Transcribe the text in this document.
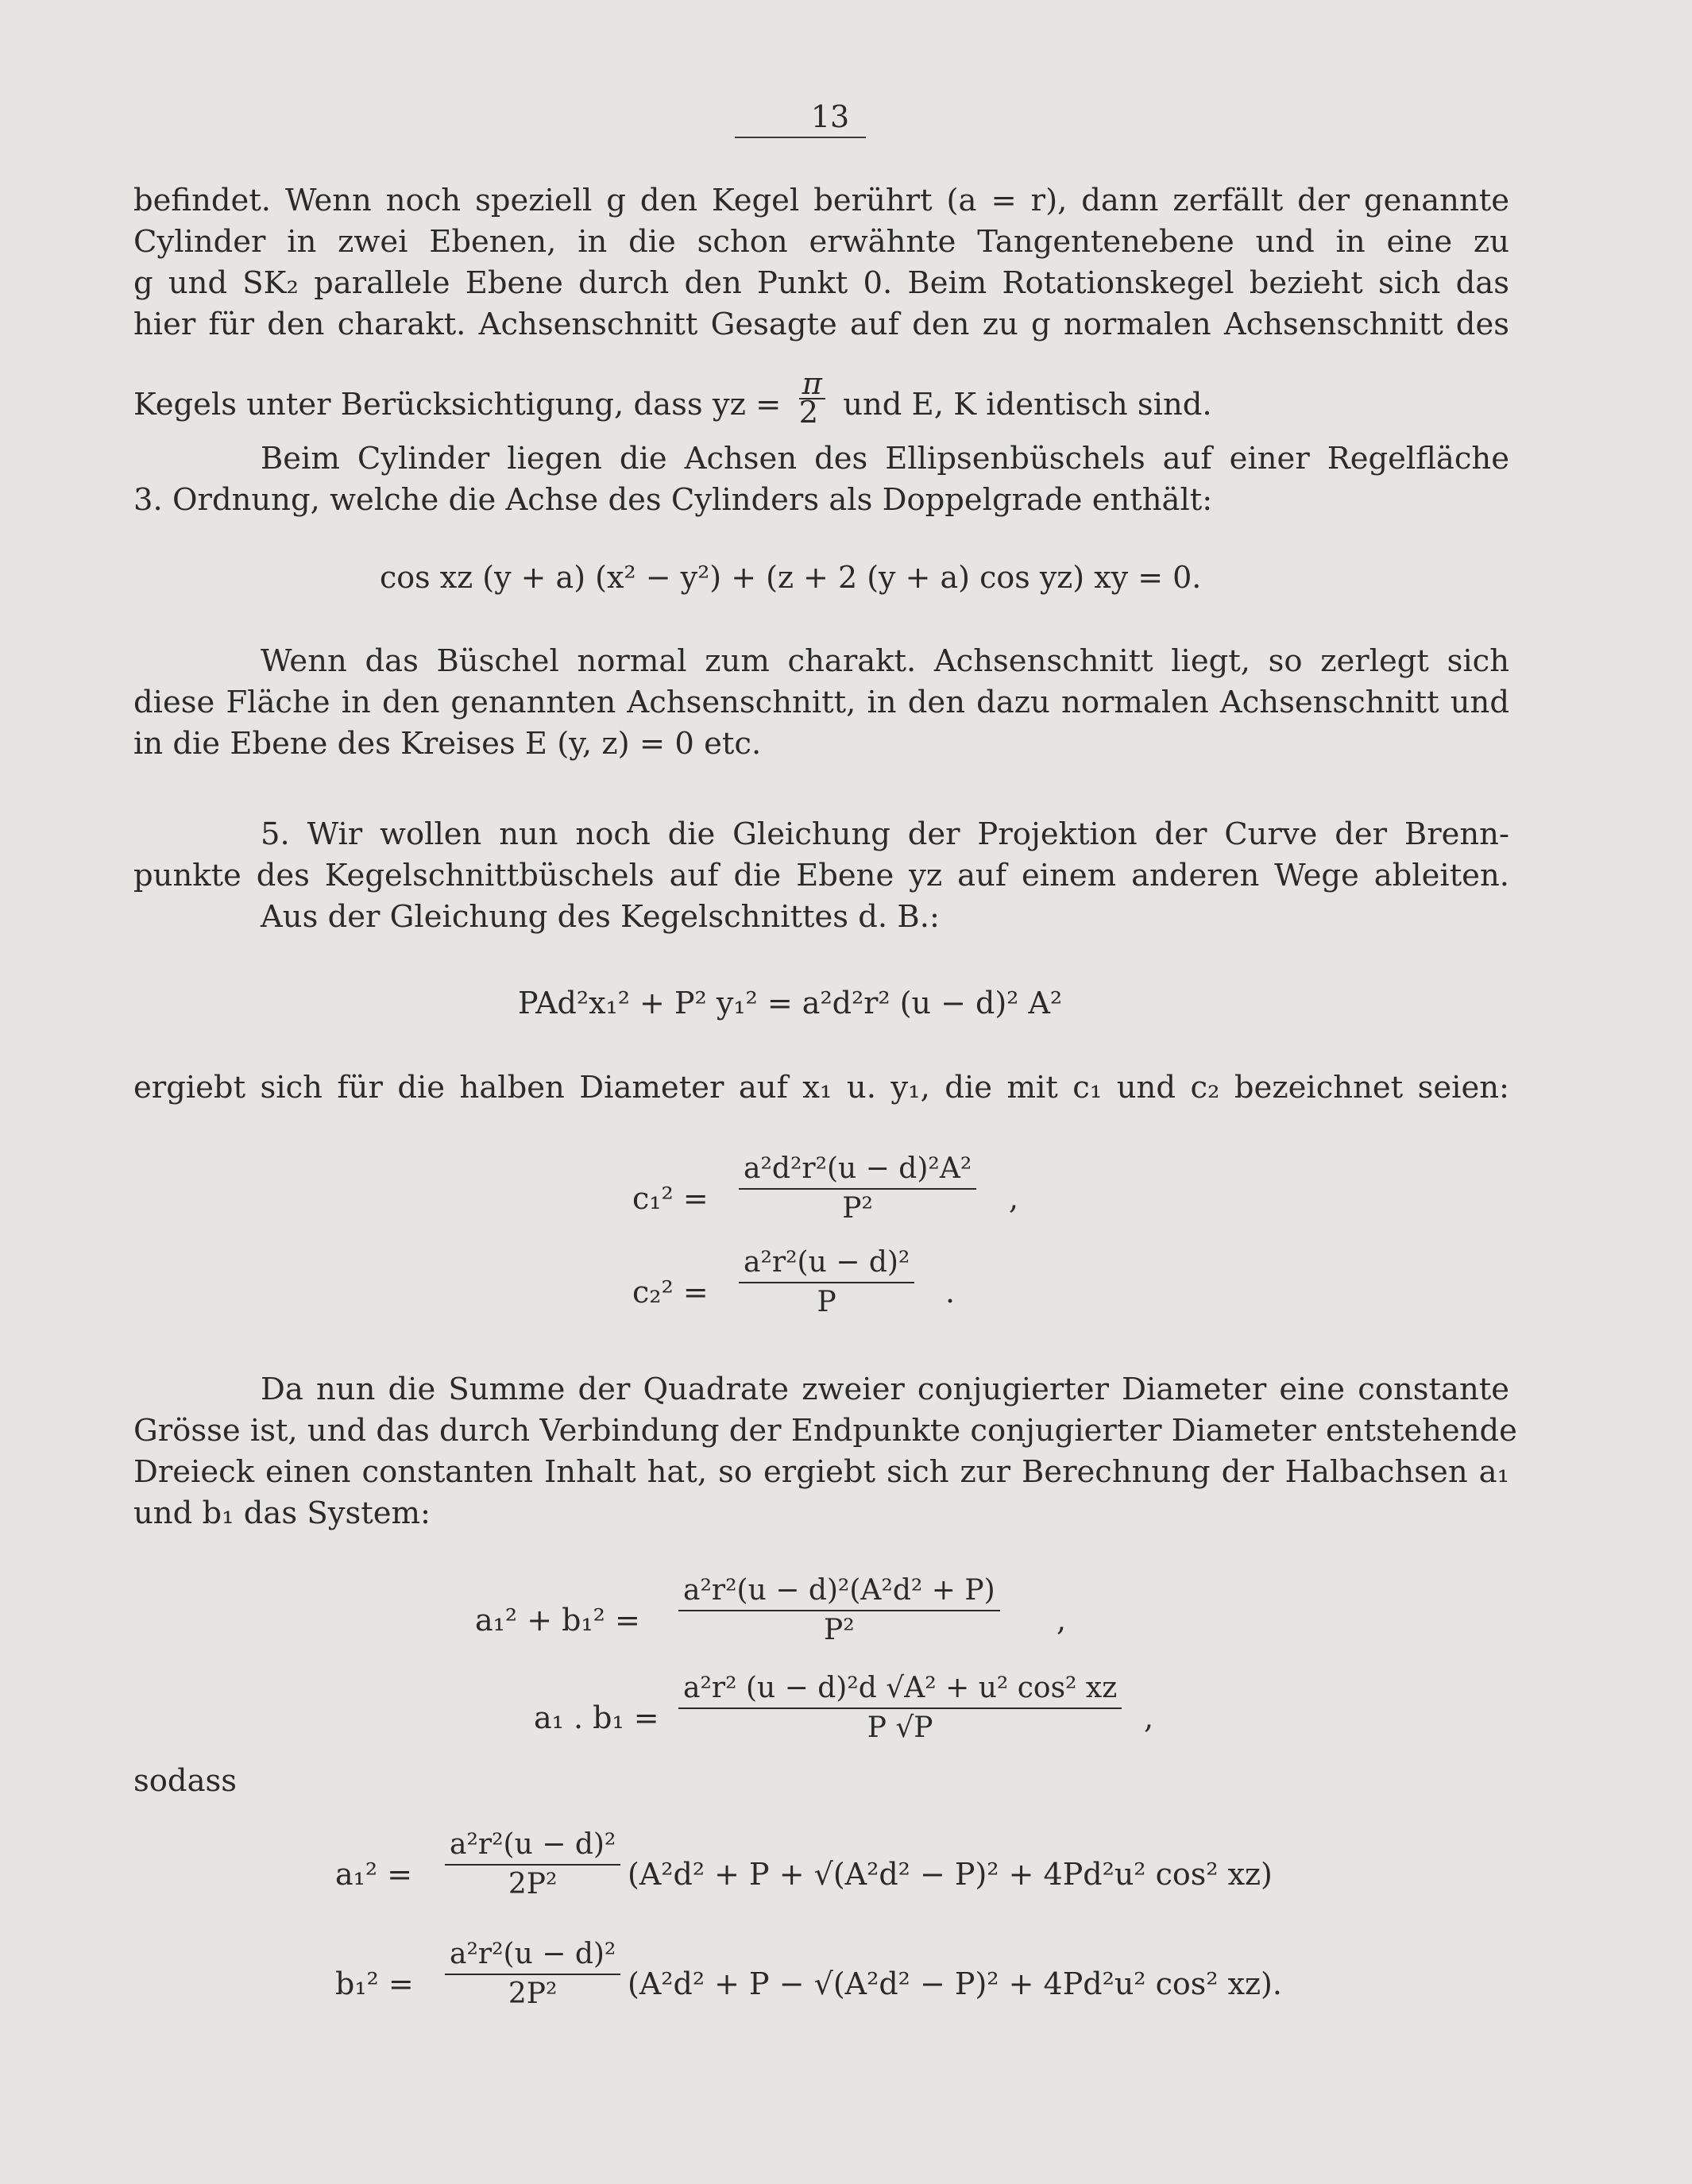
13
befindet. Wenn noch speziell g den Kegel berührt (a = r), dann zerfällt der genannte
Cylinder in zwei Ebenen, in die schon erwähnte Tangentenebene und in eine zu
g und SK₂ parallele Ebene durch den Punkt 0. Beim Rotationskegel bezieht sich das
hier für den charakt. Achsenschnitt Gesagte auf den zu g normalen Achsenschnitt des
Kegels unter Berücksichtigung, dass yz = $\frac{\pi}{2}$ und E, K identisch sind.
Beim Cylinder liegen die Achsen des Ellipsenbüschels auf einer Regelfläche
3. Ordnung, welche die Achse des Cylinders als Doppelgrade enthält:
cos xz (y + a) (x² − y²) + (z + 2 (y + a) cos yz) xy = 0.
Wenn das Büschel normal zum charakt. Achsenschnitt liegt, so zerlegt sich
diese Fläche in den genannten Achsenschnitt, in den dazu normalen Achsenschnitt und
in die Ebene des Kreises E (y, z) = 0 etc.
5. Wir wollen nun noch die Gleichung der Projektion der Curve der Brenn-
punkte des Kegelschnittbüschels auf die Ebene yz auf einem anderen Wege ableiten.
Aus der Gleichung des Kegelschnittes d. B.:
PAd²x₁² + P² y₁² = a²d²r² (u − d)² A²
ergiebt sich für die halben Diameter auf x₁ u. y₁, die mit c₁ und c₂ bezeichnet seien:
$c_1^2 = \frac{\text{a²d²r²(u − d)²A²}}{\text{P²}}$ ,
$c_2^2 = \frac{\text{a²r²(u − d)²}}{P}$ .
Da nun die Summe der Quadrate zweier conjugierter Diameter eine constante
Grösse ist, und das durch Verbindung der Endpunkte conjugierter Diameter entstehende
Dreieck einen constanten Inhalt hat, so ergiebt sich zur Berechnung der Halbachsen a₁
und b₁ das System:
$a_1^2 + b_1^2 = \frac{\text{a²r²(u − d)²(A²d² + P)}}{\text{P²}}$ ,
a₁ . $b_1 = \frac{\text{a²r² (u − d)²d √A² + u² cos² xz}}{P √P}$ ,
sodass
$a_1^2 = \frac{\text{a²r²(u − d)²}}{\text{2P²}} (A^2d^2 + P + √(A^2d^2 - P)^2 + 4Pd^2u^2$ cos² xz)
$b_1^2 = \frac{\text{a²r²(u − d)²}}{\text{2P²}} (A^2d^2 + P - √(A^2d^2 - P)^2 + 4Pd^2u^2$ cos² xz).
